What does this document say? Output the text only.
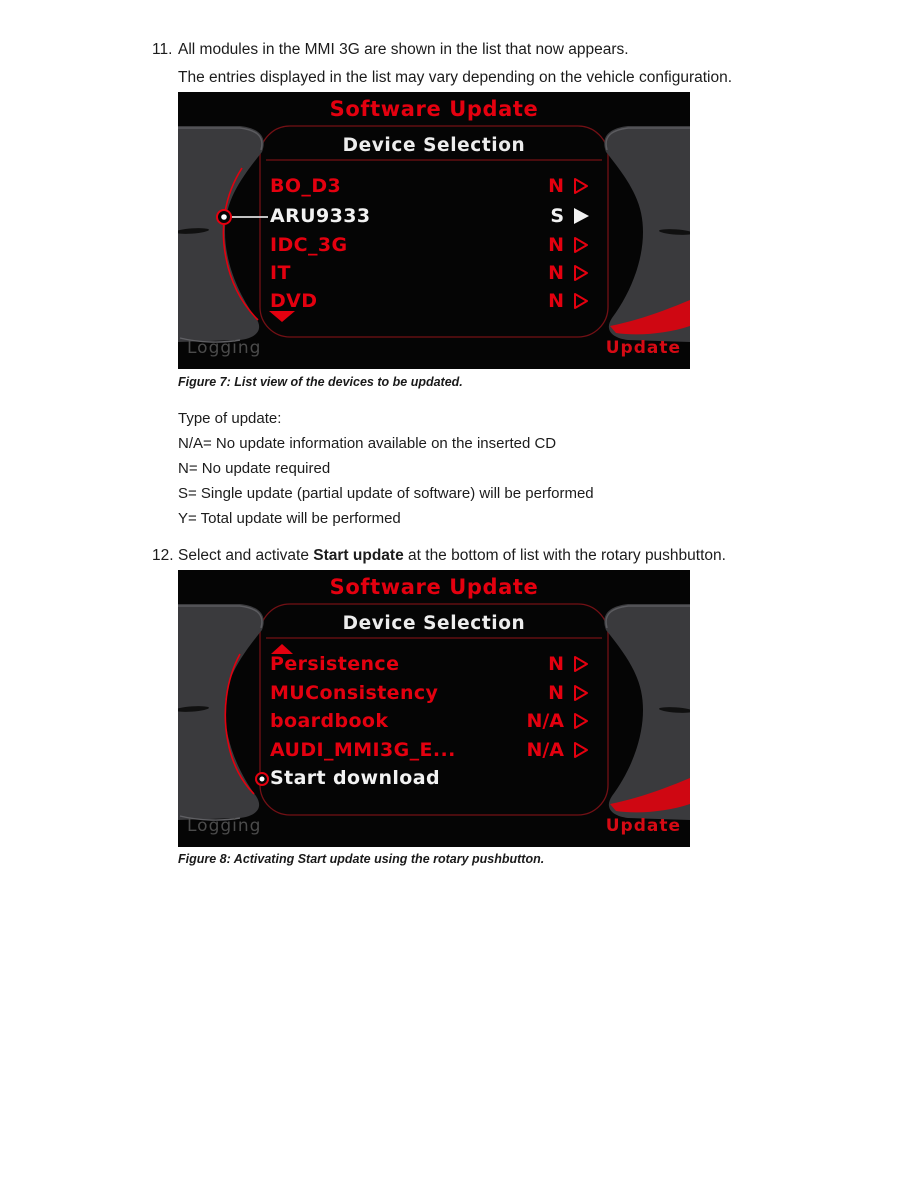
11. All modules in the MMI 3G are shown in the list that now appears.
The entries displayed in the list may vary depending on the vehicle configuration.
Software Update
Device Selection
BO_D3	N
ARU9333	S
IDC_3G	N
IT	N
DVD	N
Logging	Update
Figure 7: List view of the devices to be updated.
Type of update:
N/A= No update information available on the inserted CD
N= No update required
S= Single update (partial update of software) will be performed
Y= Total update will be performed
12. Select and activate Start update at the bottom of list with the rotary pushbutton.
Software Update
Device Selection
Persistence	N
MUConsistency	N
boardbook	N/A
AUDI_MMI3G_E...	N/A
Start download
Logging	Update
Figure 8: Activating Start update using the rotary pushbutton.
